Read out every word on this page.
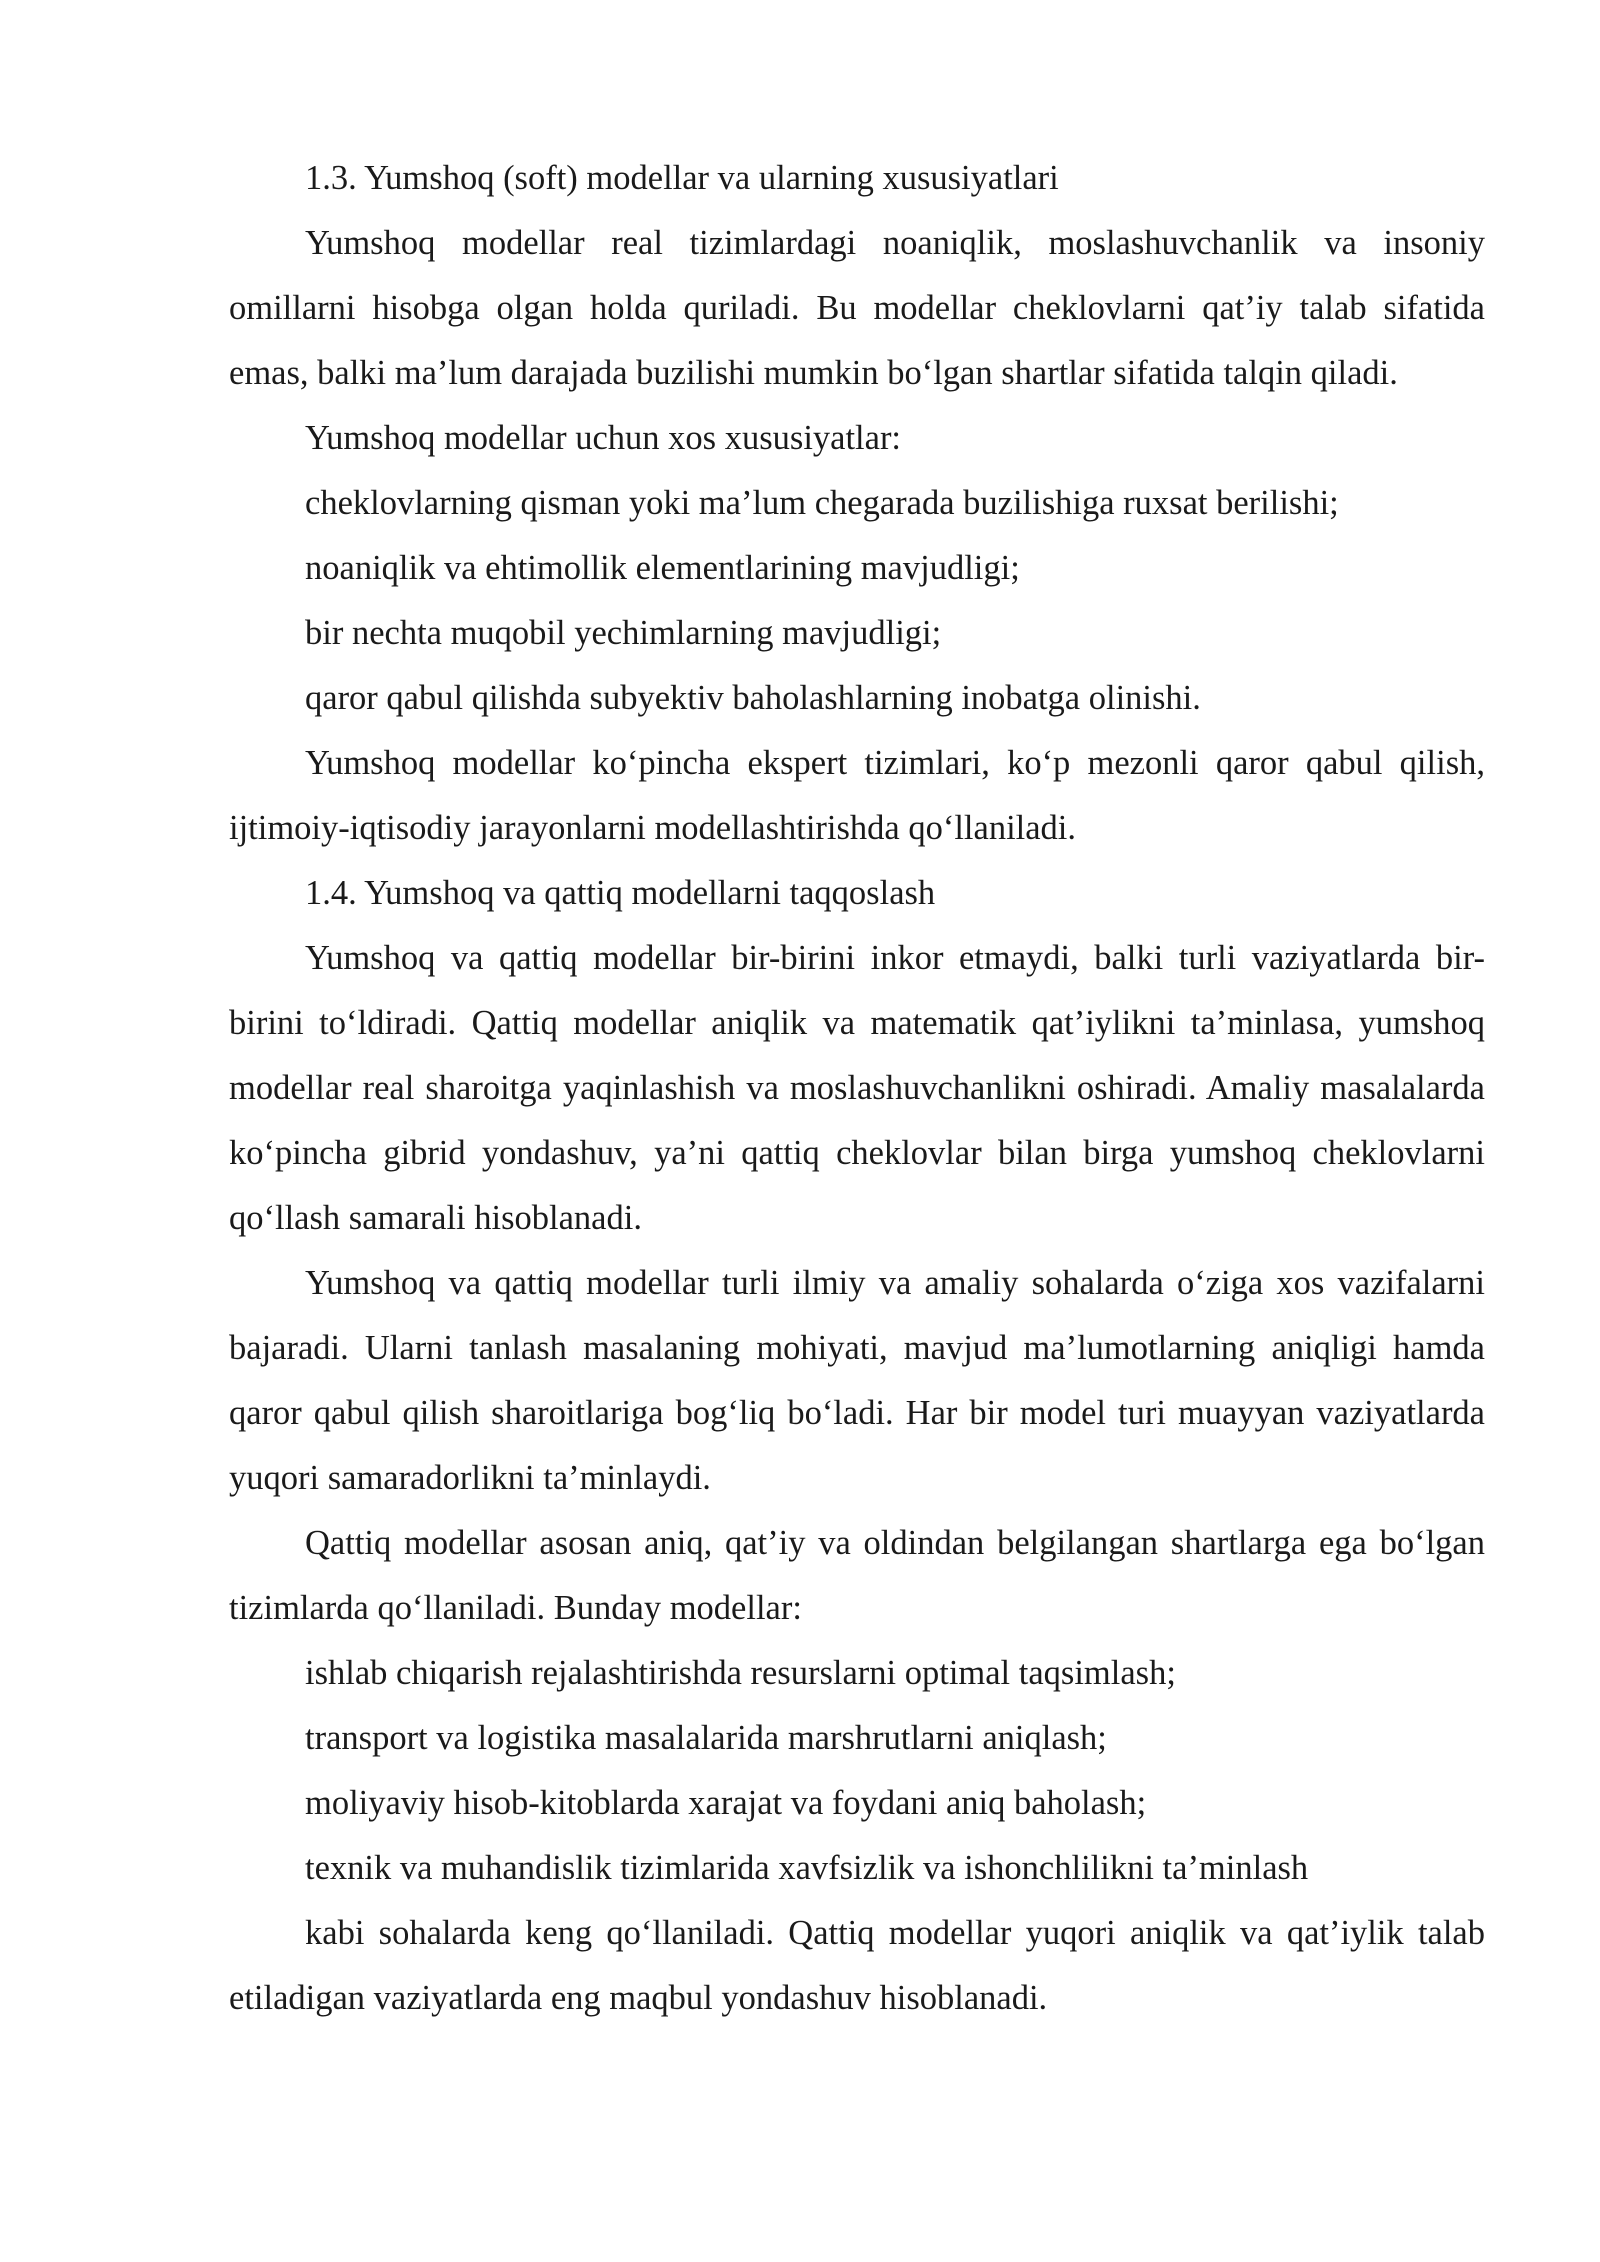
1.3. Yumshoq (soft) modellar va ularning xususiyatlari

Yumshoq modellar real tizimlardagi noaniqlik, moslashuvchanlik va insoniy omillarni hisobga olgan holda quriladi. Bu modellar cheklovlarni qat’iy talab sifatida emas, balki ma’lum darajada buzilishi mumkin bo‘lgan shartlar sifatida talqin qiladi.

Yumshoq modellar uchun xos xususiyatlar:

cheklovlarning qisman yoki ma’lum chegarada buzilishiga ruxsat berilishi;

noaniqlik va ehtimollik elementlarining mavjudligi;

bir nechta muqobil yechimlarning mavjudligi;

qaror qabul qilishda subyektiv baholashlarning inobatga olinishi.

Yumshoq modellar ko‘pincha ekspert tizimlari, ko‘p mezonli qaror qabul qilish, ijtimoiy-iqtisodiy jarayonlarni modellashtirishda qo‘llaniladi.

1.4. Yumshoq va qattiq modellarni taqqoslash

Yumshoq va qattiq modellar bir-birini inkor etmaydi, balki turli vaziyatlarda bir-birini to‘ldiradi. Qattiq modellar aniqlik va matematik qat’iylikni ta’minlasa, yumshoq modellar real sharoitga yaqinlashish va moslashuvchanlikni oshiradi. Amaliy masalalarda ko‘pincha gibrid yondashuv, ya’ni qattiq cheklovlar bilan birga yumshoq cheklovlarni qo‘llash samarali hisoblanadi.

Yumshoq va qattiq modellar turli ilmiy va amaliy sohalarda o‘ziga xos vazifalarni bajaradi. Ularni tanlash masalaning mohiyati, mavjud ma’lumotlarning aniqligi hamda qaror qabul qilish sharoitlariga bog‘liq bo‘ladi. Har bir model turi muayyan vaziyatlarda yuqori samaradorlikni ta’minlaydi.

Qattiq modellar asosan aniq, qat’iy va oldindan belgilangan shartlarga ega bo‘lgan tizimlarda qo‘llaniladi. Bunday modellar:

ishlab chiqarish rejalashtirishda resurslarni optimal taqsimlash;

transport va logistika masalalarida marshrutlarni aniqlash;

moliyaviy hisob-kitoblarda xarajat va foydani aniq baholash;

texnik va muhandislik tizimlarida xavfsizlik va ishonchlilikni ta’minlash

kabi sohalarda keng qo‘llaniladi. Qattiq modellar yuqori aniqlik va qat’iylik talab etiladigan vaziyatlarda eng maqbul yondashuv hisoblanadi.
